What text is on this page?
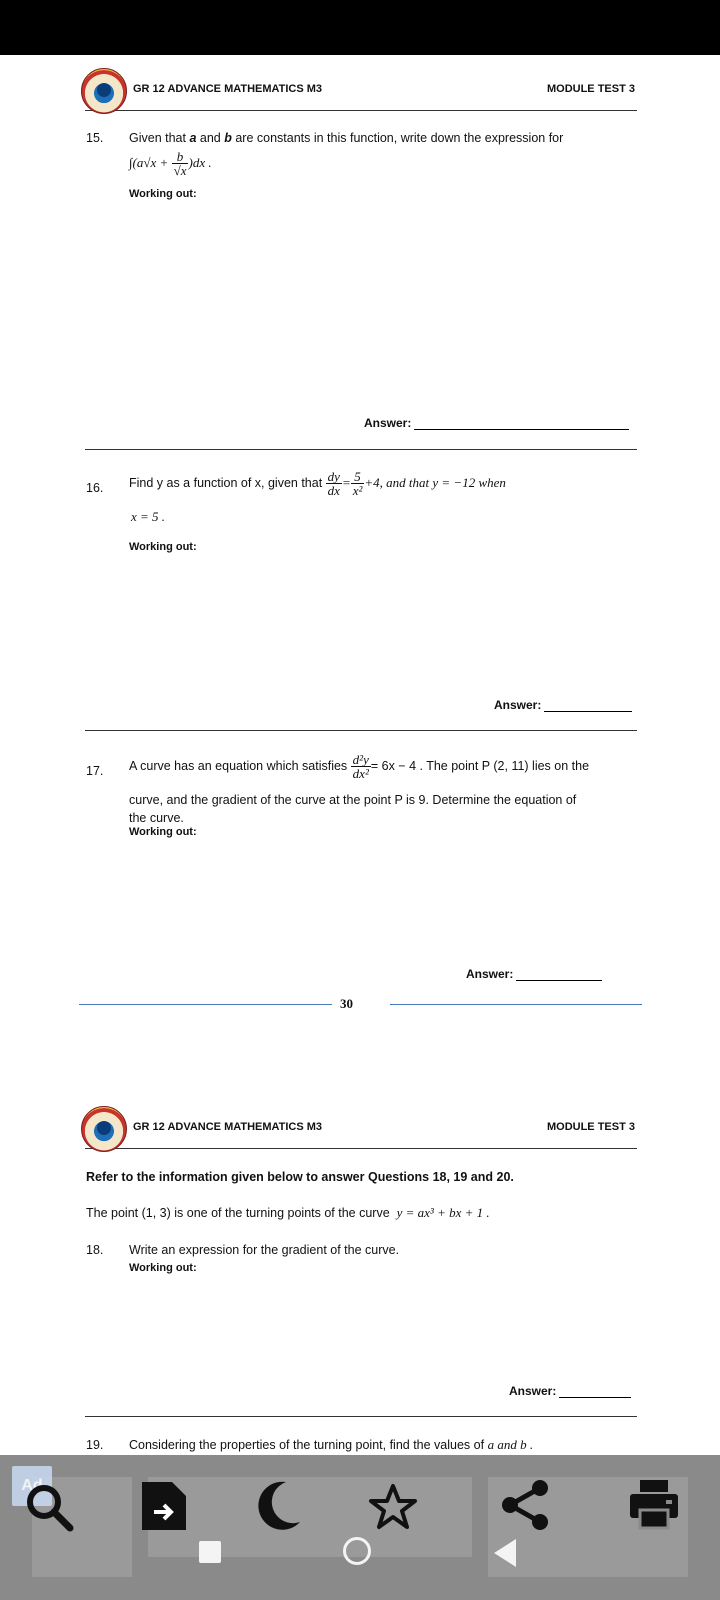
GR 12 ADVANCE MATHEMATICS M3	MODULE TEST 3
15. Given that a and b are constants in this function, write down the expression for
$\int(a√x + \frac{b}{√x} )dx$ .
Working out:
Answer:
16. Find y as a function of x, given that $\frac{dy}{dx} = \frac{5}{\text{x²}} +4$, and that y = −12 when
x = 5 .
Working out:
Answer:
17. A curve has an equation which satisfies $\frac{\text{d²y}}{\text{dx²}} = 6x - 4$ . The point P (2, 11) lies on the
curve, and the gradient of the curve at the point P is 9. Determine the equation of
the curve.
Working out:
Answer:
30
GR 12 ADVANCE MATHEMATICS M3	MODULE TEST 3
Refer to the information given below to answer Questions 18, 19 and 20.
The point (1, 3) is one of the turning points of the curve y = ax³ + bx + 1 .
18. Write an expression for the gradient of the curve.
Working out:
Answer:
19. Considering the properties of the turning point, find the values of a and b .
Ad
